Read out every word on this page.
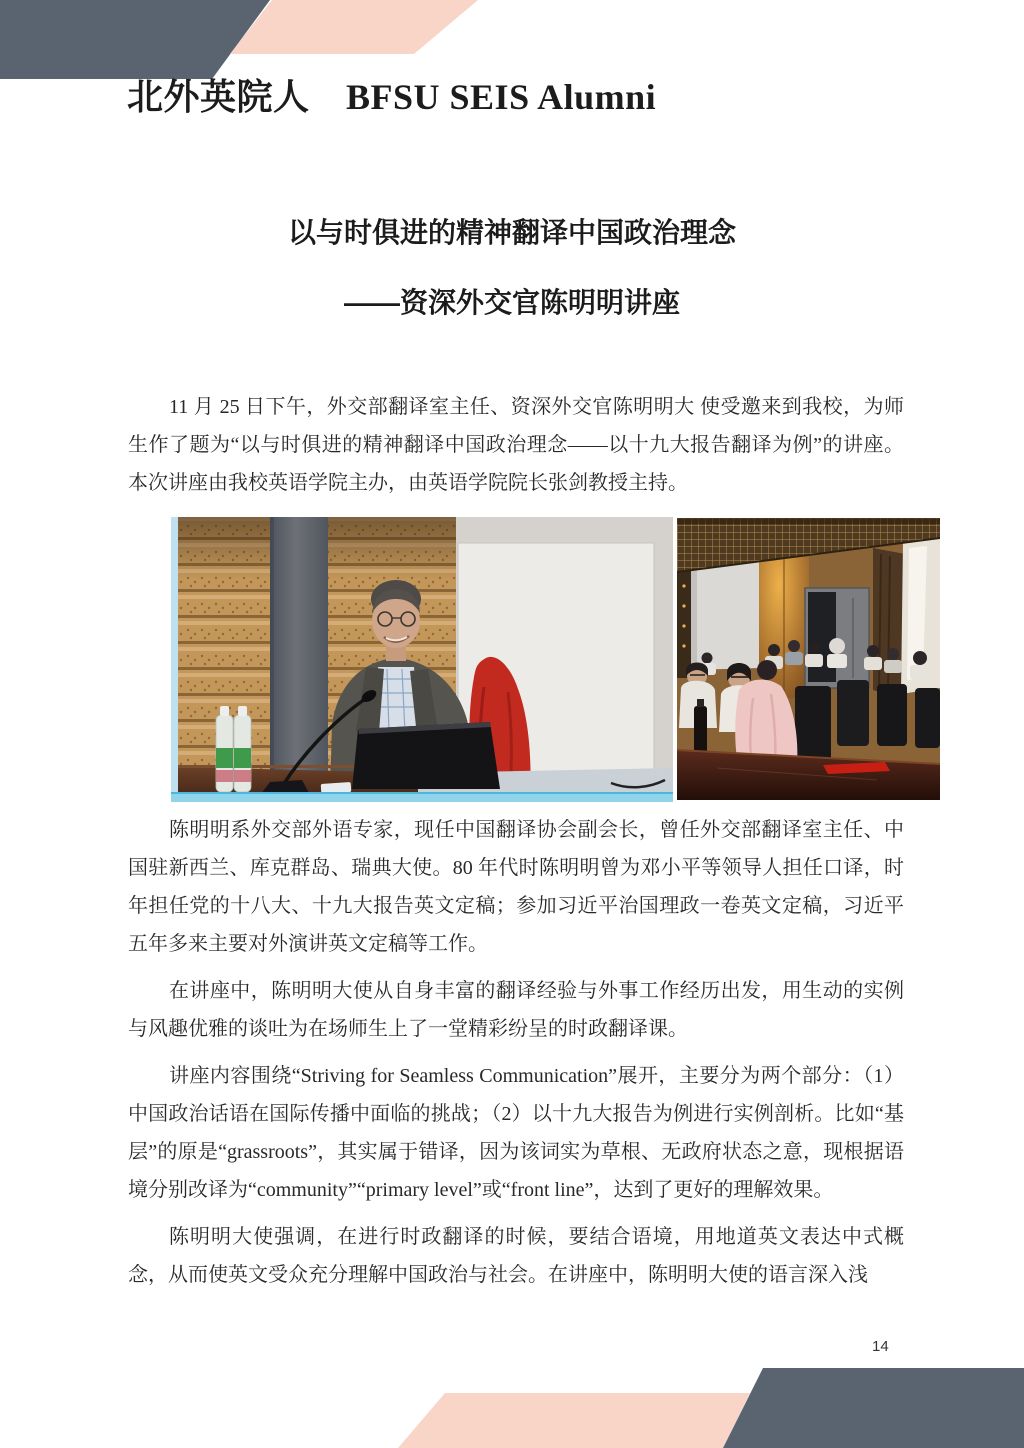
北外英院人　BFSU SEIS Alumni
以与时俱进的精神翻译中国政治理念
——资深外交官陈明明讲座

11 月 25 日下午，外交部翻译室主任、资深外交官陈明明大 使受邀来到我校，为师生作了题为“以与时俱进的精神翻译中国政治理念——以十九大报告翻译为例”的讲座。本次讲座由我校英语学院主办，由英语学院院长张剑教授主持。

陈明明系外交部外语专家，现任中国翻译协会副会长，曾任外交部翻译室主任、中国驻新西兰、库克群岛、瑞典大使。80 年代时陈明明曾为邓小平等领导人担任口译，时年担任党的十八大、十九大报告英文定稿；参加习近平治国理政一卷英文定稿，习近平五年多来主要对外演讲英文定稿等工作。

在讲座中，陈明明大使从自身丰富的翻译经验与外事工作经历出发，用生动的实例与风趣优雅的谈吐为在场师生上了一堂精彩纷呈的时政翻译课。

讲座内容围绕“Striving for Seamless Communication”展开，主要分为两个部分：（1）中国政治话语在国际传播中面临的挑战；（2）以十九大报告为例进行实例剖析。比如“基层”的原是“grassroots”，其实属于错译，因为该词实为草根、无政府状态之意，现根据语境分别改译为“community”“primary level”或“front line”，达到了更好的理解效果。

陈明明大使强调，在进行时政翻译的时候，要结合语境，用地道英文表达中式概念，从而使英文受众充分理解中国政治与社会。在讲座中，陈明明大使的语言深入浅

14
